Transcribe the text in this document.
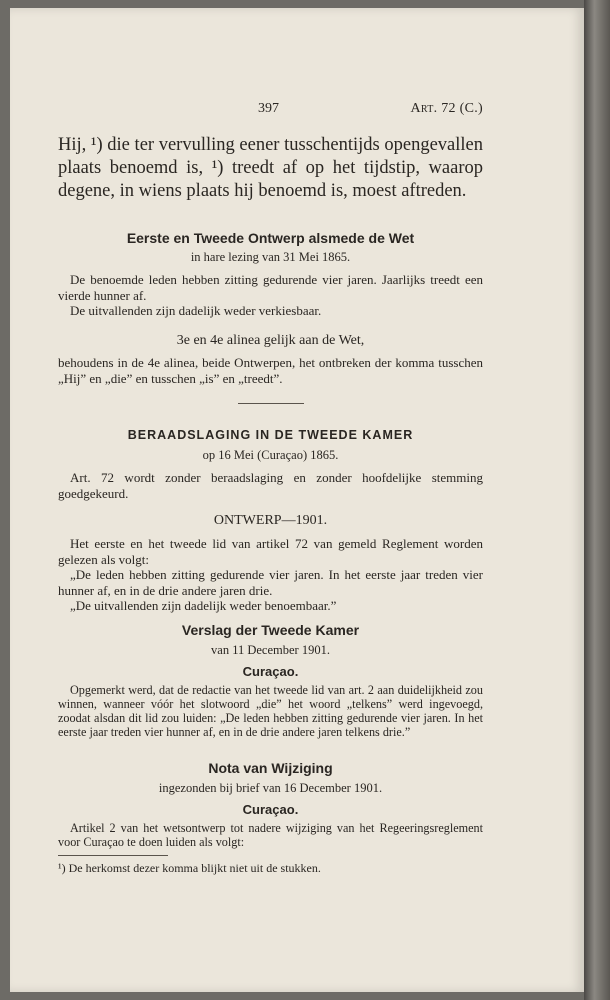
397	Art. 72 (C.)

Hij, ¹) die ter vervulling eener tusschentijds opengevallen plaats benoemd is, ¹) treedt af op het tijdstip, waarop degene, in wiens plaats hij benoemd is, moest aftreden.

Eerste en Tweede Ontwerp alsmede de Wet

in hare lezing van 31 Mei 1865.

De benoemde leden hebben zitting gedurende vier jaren. Jaarlijks treedt een vierde hunner af.

De uitvallenden zijn dadelijk weder verkiesbaar.

3e en 4e alinea gelijk aan de Wet,

behoudens in de 4e alinea, beide Ontwerpen, het ontbreken der komma tusschen „Hij” en „die” en tusschen „is” en „treedt”.

BERAADSLAGING IN DE TWEEDE KAMER

op 16 Mei (Curaçao) 1865.

Art. 72 wordt zonder beraadslaging en zonder hoofdelijke stemming goedgekeurd.

ONTWERP—1901.

Het eerste en het tweede lid van artikel 72 van gemeld Reglement worden gelezen als volgt:

„De leden hebben zitting gedurende vier jaren. In het eerste jaar treden vier hunner af, en in de drie andere jaren drie.

„De uitvallenden zijn dadelijk weder benoembaar.”

Verslag der Tweede Kamer

van 11 December 1901.

Curaçao.

Opgemerkt werd, dat de redactie van het tweede lid van art. 2 aan duidelijkheid zou winnen, wanneer vóór het slotwoord „die” het woord „telkens” werd ingevoegd, zoodat alsdan dit lid zou luiden: „De leden hebben zitting gedurende vier jaren. In het eerste jaar treden vier hunner af, en in de drie andere jaren telkens drie.”

Nota van Wijziging

ingezonden bij brief van 16 December 1901.

Curaçao.

Artikel 2 van het wetsontwerp tot nadere wijziging van het Regeeringsreglement voor Curaçao te doen luiden als volgt:

¹) De herkomst dezer komma blijkt niet uit de stukken.
